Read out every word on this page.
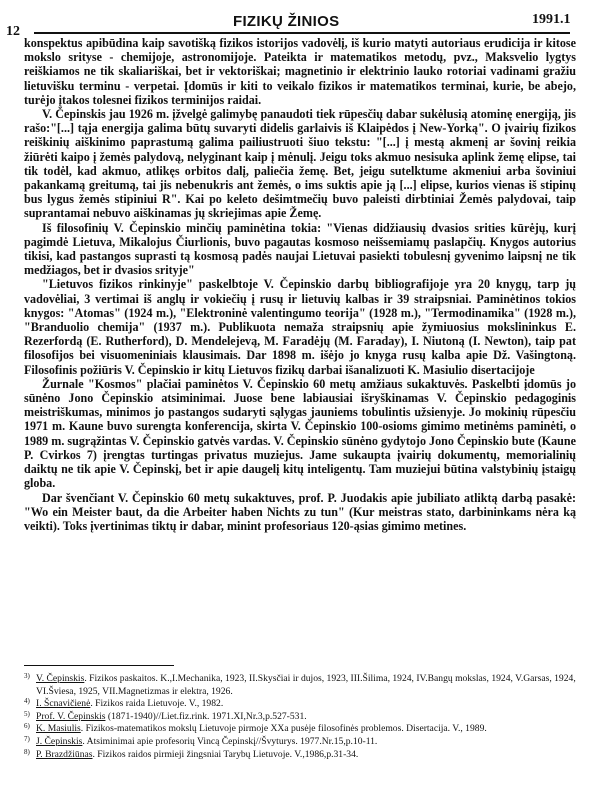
12
FIZIKŲ ŽINIOS	1991.1

konspektus apibūdina kaip savotišką fizikos istorijos vadovėlį, iš kurio matyti autoriaus erudicija ir kitose mokslo srityse - chemijoje, astronomijoje. Pateikta ir matematikos metodų, pvz., Maksvelio lygtys reiškiamos ne tik skaliariškai, bet ir vektoriškai; magnetinio ir elektrinio lauko rotoriai vadinami gražiu lietuvišku terminu - verpetai. Įdomūs ir kiti to veikalo fizikos ir matematikos terminai, kurie, be abejo, turėjo įtakos tolesnei fizikos terminijos raidai.

V. Čepinskis jau 1926 m. įžvelgė galimybę panaudoti tiek rūpesčių dabar sukėlusią atominę energiją, jis rašo:"[...] tąja energija galima būtų suvaryti didelis garlaivis iš Klaipėdos į New-Yorką". O įvairių fizikos reiškinių aiškinimo paprastumą galima pailiustruoti šiuo tekstu: "[...] į mestą akmenį ar šovinį reikia žiūrėti kaipo į žemės palydovą, nelyginant kaip į mėnulį. Jeigu toks akmuo nesisuka aplink žemę elipse, tai tik todėl, kad akmuo, atlikęs orbitos dalį, paliečia žemę. Bet, jeigu sutelktume akmeniui arba šoviniui pakankamą greitumą, tai jis nebenukris ant žemės, o ims suktis apie ją [...] elipse, kurios vienas iš stipinų bus lygus žemės stipiniui R". Kai po keleto dešimtmečių buvo paleisti dirbtiniai Žemės palydovai, taip suprantamai nebuvo aiškinamas jų skriejimas apie Žemę.

Iš filosofinių V. Čepinskio minčių paminėtina tokia: "Vienas didžiausių dvasios srities kūrėjų, kurį pagimdė Lietuva, Mikalojus Čiurlionis, buvo pagautas kosmoso neišsemiamų paslapčių. Knygos autorius tikisi, kad pastangos suprasti tą kosmosą padės naujai Lietuvai pasiekti tobulesnį gyvenimo laipsnį ne tik medžiagos, bet ir dvasios srityje"

"Lietuvos fizikos rinkinyje" paskelbtoje V. Čepinskio darbų bibliografijoje yra 20 knygų, tarp jų vadovėliai, 3 vertimai iš anglų ir vokiečių į rusų ir lietuvių kalbas ir 39 straipsniai. Paminėtinos tokios knygos: "Atomas" (1924 m.), "Elektroninė valentingumo teorija" (1928 m.), "Termodinamika" (1928 m.), "Branduolio chemija" (1937 m.). Publikuota nemaža straipsnių apie žymiuosius mokslininkus E. Rezerfordą (E. Rutherford), D. Mendelejevą, M. Faradėjų (M. Faraday), I. Niutoną (I. Newton), taip pat filosofijos bei visuomeniniais klausimais. Dar 1898 m. išėjo jo knyga rusų kalba apie Dž. Vašingtoną. Filosofinis požiūris V. Čepinskio ir kitų Lietuvos fizikų darbai išanalizuoti K. Masiulio disertacijoje

Žurnale "Kosmos" plačiai paminėtos V. Čepinskio 60 metų amžiaus sukaktuvės. Paskelbti įdomūs jo sūnėno Jono Čepinskio atsiminimai. Juose bene labiausiai išryškinamas V. Čepinskio pedagoginis meistriškumas, minimos jo pastangos sudaryti sąlygas jauniems tobulintis užsienyje. Jo mokinių rūpesčiu 1971 m. Kaune buvo surengta konferencija, skirta V. Čepinskio 100-osioms gimimo metinėms paminėti, o 1989 m. sugrąžintas V. Čepinskio gatvės vardas. V. Čepinskio sūnėno gydytojo Jono Čepinskio bute (Kaune P. Cvirkos 7) įrengtas turtingas privatus muziejus. Jame sukaupta įvairių dokumentų, memorialinių daiktų ne tik apie V. Čepinskį, bet ir apie daugelį kitų inteligentų. Tam muziejui būtina valstybinių įstaigų globa.

Dar švenčiant V. Čepinskio 60 metų sukaktuves, prof. P. Juodakis apie jubiliato atliktą darbą pasakė: "Wo ein Meister baut, da die Arbeiter haben Nichts zu tun" (Kur meistras stato, darbininkams nėra ką veikti). Toks įvertinimas tiktų ir dabar, minint profesoriaus 120-ąsias gimimo metines.

3) V. Čepinskis. Fizikos paskaitos. K.,I.Mechanika, 1923, II.Skysčiai ir dujos, 1923, III.Šilima, 1924, IV.Bangų mokslas, 1924, V.Garsas, 1924, VI.Šviesa, 1925, VII.Magnetizmas ir elektra, 1926.
4) I. Šcnavičienė. Fizikos raida Lietuvoje. V., 1982.
5) Prof. V. Čepinskis (1871-1940)//Liet.fiz.rink. 1971.XI,Nr.3,p.527-531.
6) K. Masiulis. Fizikos-matematikos mokslų Lietuvoje pirmoje XXa pusėje filosofinės problemos. Disertacija. V., 1989.
7) J. Čepinskis. Atsiminimai apie profesorių Vincą Čepinskį//Švyturys. 1977.Nr.15,p.10-11.
8) P. Brazdžiūnas. Fizikos raidos pirmieji žingsniai Tarybų Lietuvoje. V.,1986,p.31-34.
